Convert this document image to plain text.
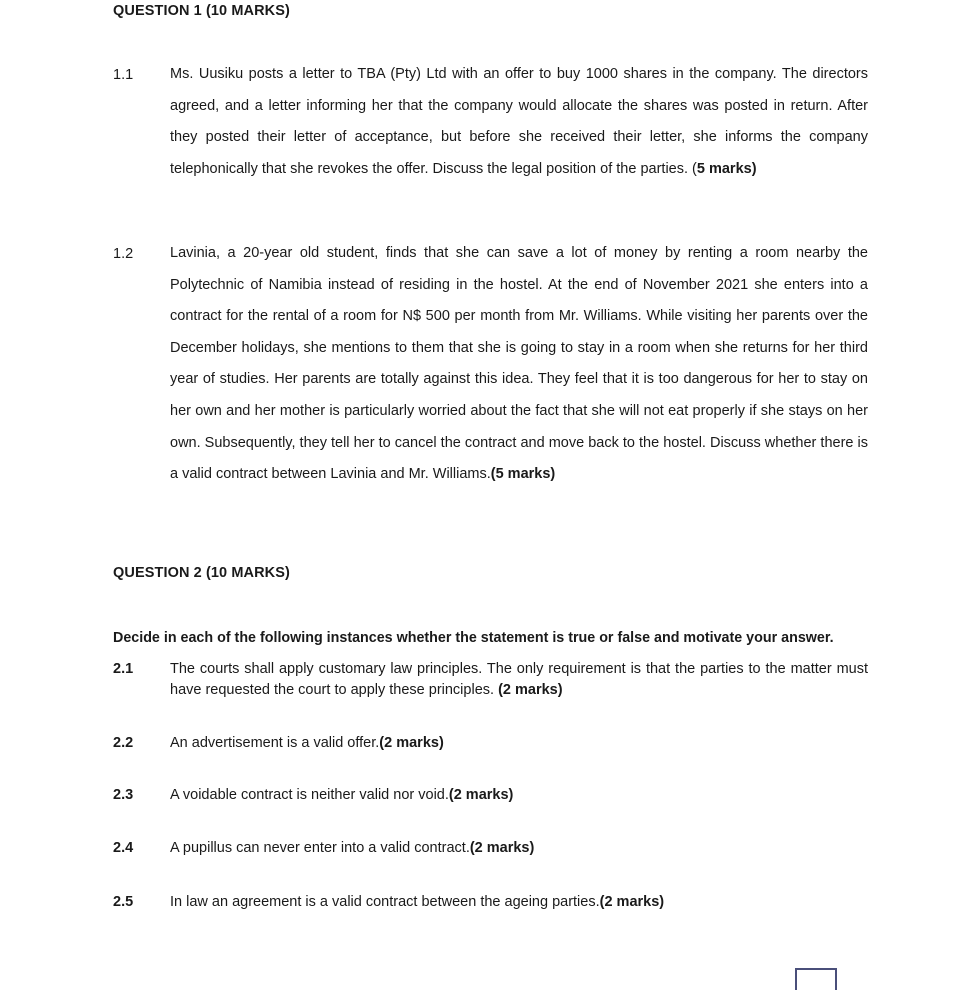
QUESTION 1 (10 MARKS)
1.1	Ms. Uusiku posts a letter to TBA (Pty) Ltd with an offer to buy 1000 shares in the company. The directors agreed, and a letter informing her that the company would allocate the shares was posted in return. After they posted their letter of acceptance, but before she received their letter, she informs the company telephonically that she revokes the offer. Discuss the legal position of the parties. (5 marks)

1.2	Lavinia, a 20-year old student, finds that she can save a lot of money by renting a room nearby the Polytechnic of Namibia instead of residing in the hostel. At the end of November 2021 she enters into a contract for the rental of a room for N$ 500 per month from Mr. Williams. While visiting her parents over the December holidays, she mentions to them that she is going to stay in a room when she returns for her third year of studies. Her parents are totally against this idea. They feel that it is too dangerous for her to stay on her own and her mother is particularly worried about the fact that she will not eat properly if she stays on her own. Subsequently, they tell her to cancel the contract and move back to the hostel. Discuss whether there is a valid contract between Lavinia and Mr. Williams.(5 marks)

QUESTION 2 (10 MARKS)

Decide in each of the following instances whether the statement is true or false and motivate your answer.

2.1	The courts shall apply customary law principles. The only requirement is that the parties to the matter must have requested the court to apply these principles. (2 marks)

2.2	An advertisement is a valid offer.(2 marks)

2.3	A voidable contract is neither valid nor void.(2 marks)

2.4	A pupillus can never enter into a valid contract.(2 marks)

2.5	In law an agreement is a valid contract between the ageing parties.(2 marks)
